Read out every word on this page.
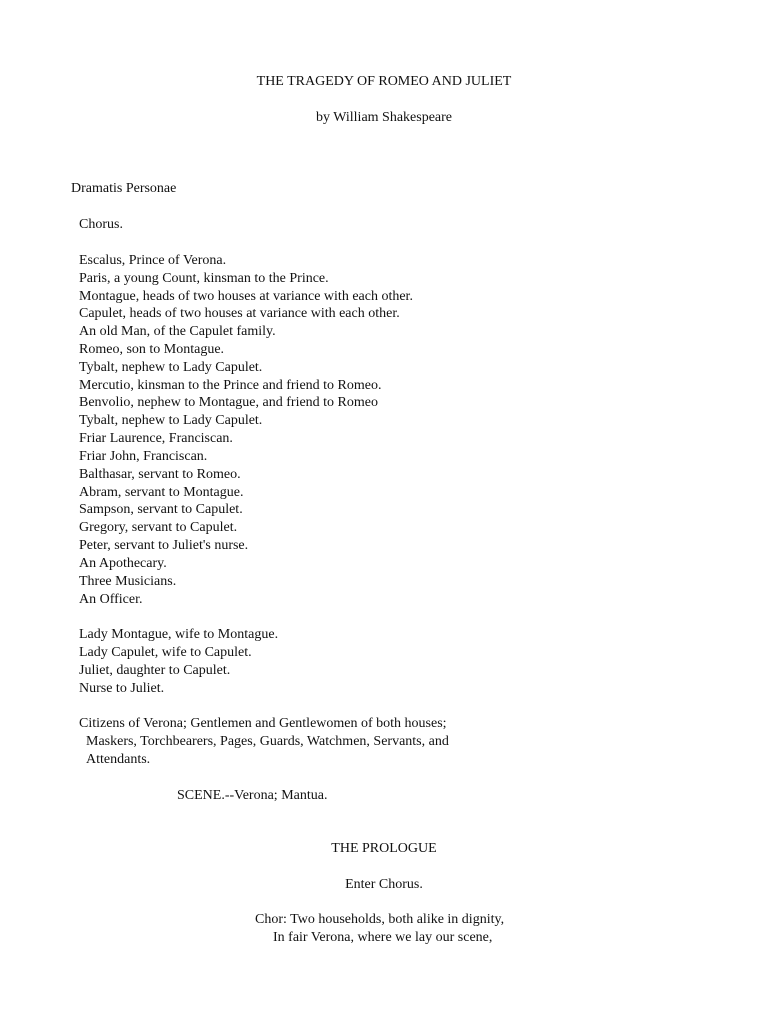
THE TRAGEDY OF ROMEO AND JULIET
by William Shakespeare
Dramatis Personae
Chorus.
Escalus, Prince of Verona.
Paris, a young Count, kinsman to the Prince.
Montague, heads of two houses at variance with each other.
Capulet, heads of two houses at variance with each other.
An old Man, of the Capulet family.
Romeo, son to Montague.
Tybalt, nephew to Lady Capulet.
Mercutio, kinsman to the Prince and friend to Romeo.
Benvolio, nephew to Montague, and friend to Romeo
Tybalt, nephew to Lady Capulet.
Friar Laurence, Franciscan.
Friar John, Franciscan.
Balthasar, servant to Romeo.
Abram, servant to Montague.
Sampson, servant to Capulet.
Gregory, servant to Capulet.
Peter, servant to Juliet's nurse.
An Apothecary.
Three Musicians.
An Officer.
Lady Montague, wife to Montague.
Lady Capulet, wife to Capulet.
Juliet, daughter to Capulet.
Nurse to Juliet.
Citizens of Verona; Gentlemen and Gentlewomen of both houses;
Maskers, Torchbearers, Pages, Guards, Watchmen, Servants, and
Attendants.
SCENE.--Verona; Mantua.
THE PROLOGUE
Enter Chorus.
Chor: Two households, both alike in dignity,
In fair Verona, where we lay our scene,
